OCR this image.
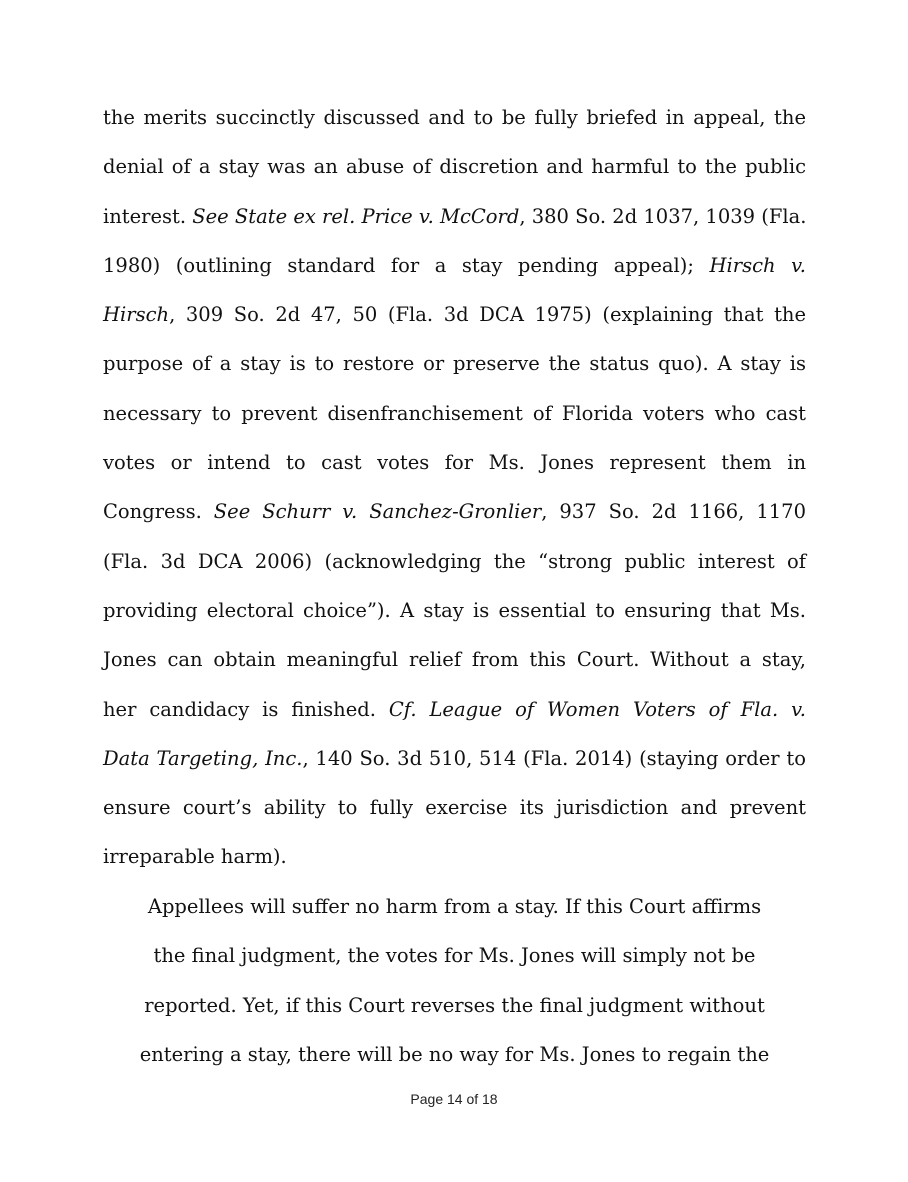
the merits succinctly discussed and to be fully briefed in appeal, the
denial of a stay was an abuse of discretion and harmful to the public
interest. See State ex rel. Price v. McCord, 380 So. 2d 1037, 1039 (Fla.
1980) (outlining standard for a stay pending appeal); Hirsch v.
Hirsch, 309 So. 2d 47, 50 (Fla. 3d DCA 1975) (explaining that the
purpose of a stay is to restore or preserve the status quo). A stay is
necessary to prevent disenfranchisement of Florida voters who cast
votes or intend to cast votes for Ms. Jones represent them in
Congress. See Schurr v. Sanchez-Gronlier, 937 So. 2d 1166, 1170
(Fla. 3d DCA 2006) (acknowledging the “strong public interest of
providing electoral choice”). A stay is essential to ensuring that Ms.
Jones can obtain meaningful relief from this Court. Without a stay,
her candidacy is finished. Cf. League of Women Voters of Fla. v.
Data Targeting, Inc., 140 So. 3d 510, 514 (Fla. 2014) (staying order to
ensure court’s ability to fully exercise its jurisdiction and prevent
irreparable harm).
Appellees will suffer no harm from a stay. If this Court affirms
the final judgment, the votes for Ms. Jones will simply not be
reported. Yet, if this Court reverses the final judgment without
entering a stay, there will be no way for Ms. Jones to regain the
Page 14 of 18
